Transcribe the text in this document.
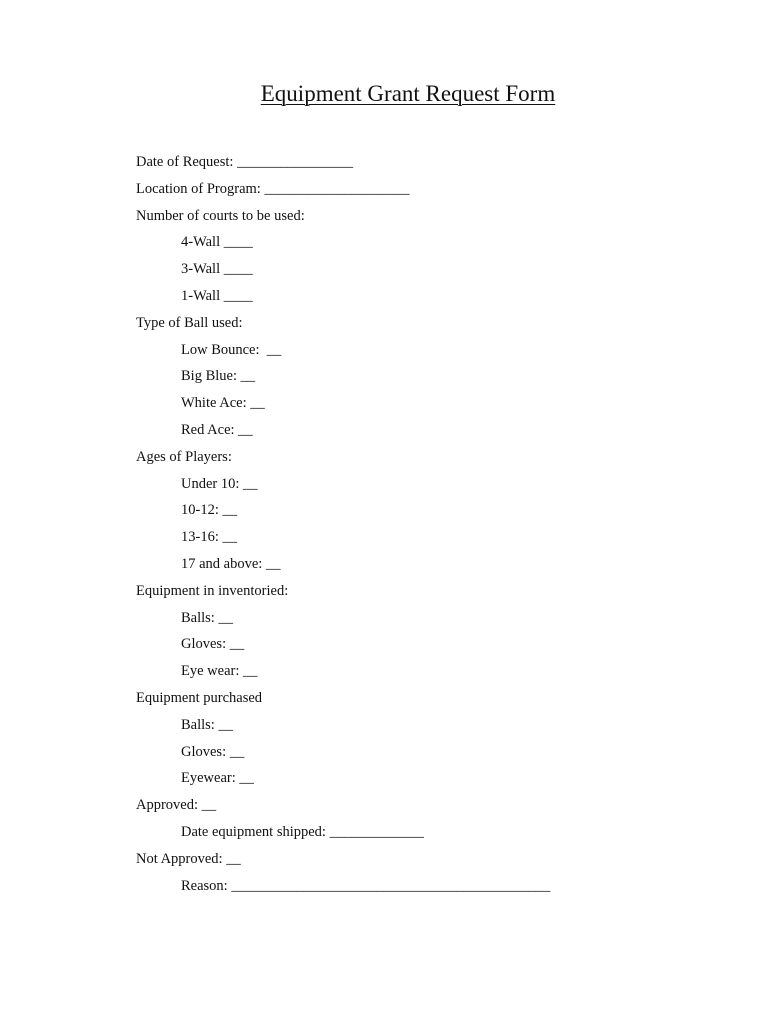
Equipment Grant Request Form
Date of Request: ________________
Location of Program: ____________________
Number of courts to be used:
4-Wall ____
3-Wall ____
1-Wall ____
Type of Ball used:
Low Bounce:  __
Big Blue: __
White Ace: __
Red Ace: __
Ages of Players:
Under 10: __
10-12: __
13-16: __
17 and above: __
Equipment in inventoried:
Balls: __
Gloves: __
Eye wear: __
Equipment purchased
Balls: __
Gloves: __
Eyewear: __
Approved: __
Date equipment shipped: _____________
Not Approved: __
Reason: ____________________________________________
